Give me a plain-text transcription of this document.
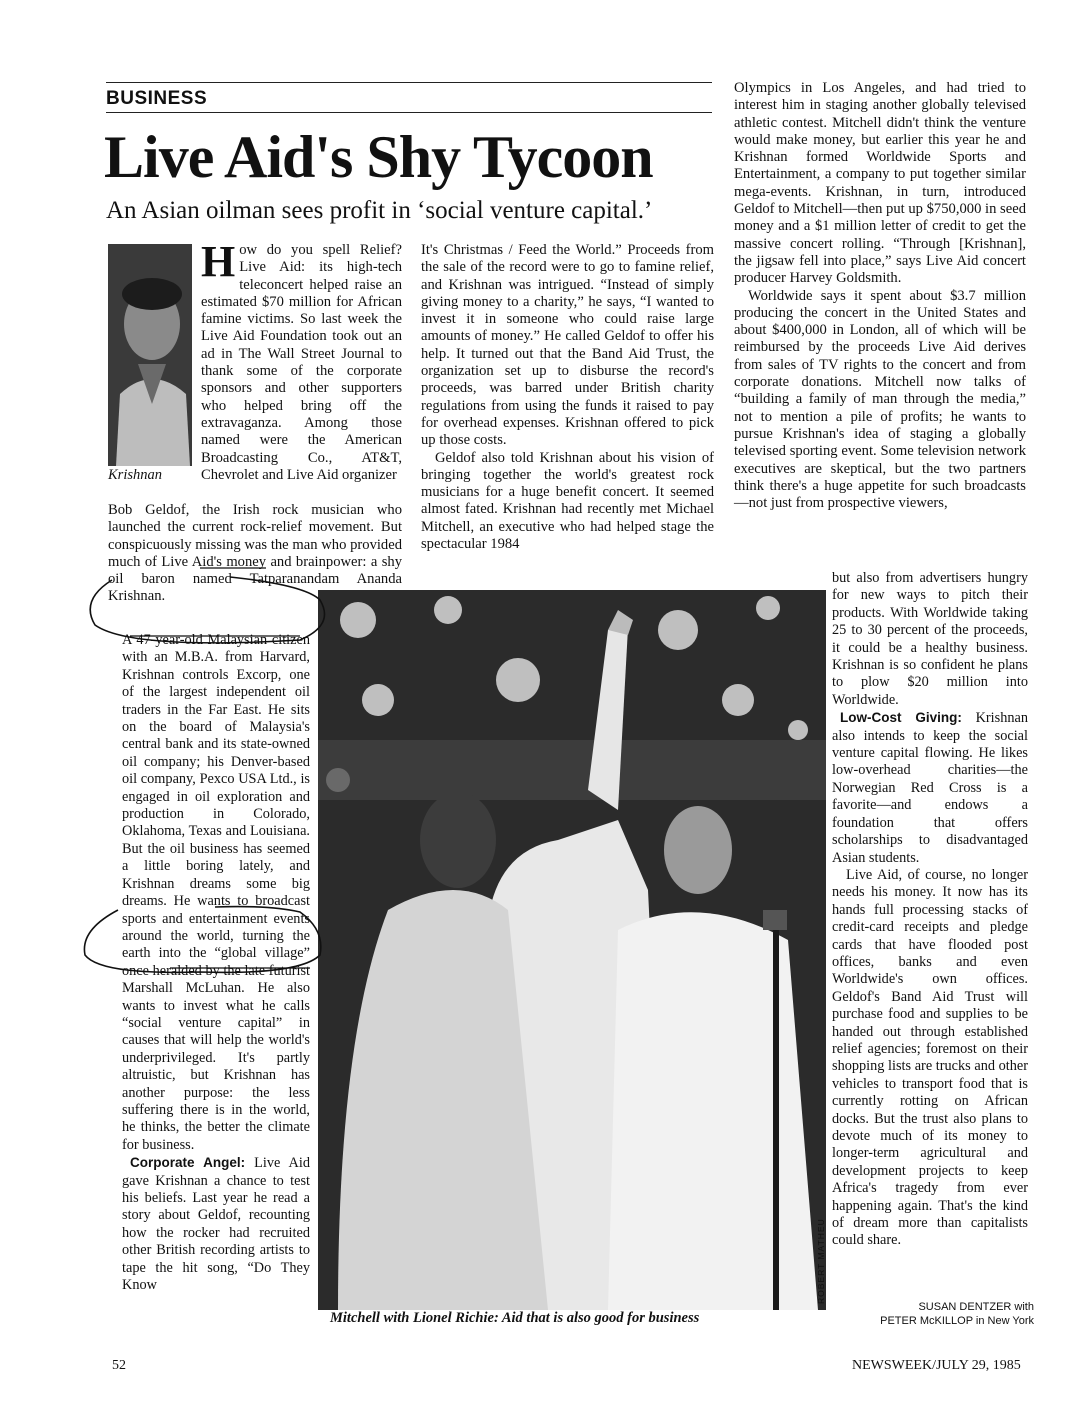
BUSINESS
Live Aid's Shy Tycoon
An Asian oilman sees profit in ‘social venture capital.’
Krishnan

How do you spell Relief? Live Aid: its high-tech teleconcert helped raise an estimated $70 million for African famine victims. So last week the Live Aid Foundation took out an ad in The Wall Street Journal to thank some of the corporate sponsors and other supporters who helped bring off the extravaganza. Among those named were the American Broadcasting Co., AT&T, Chevrolet and Live Aid organizer

Bob Geldof, the Irish rock musician who launched the current rock-relief movement. But conspicuously missing was the man who provided much of Live Aid's money and brainpower: a shy oil baron named Tatparanandam Ananda Krishnan.

A 47-year-old Malaysian citizen with an M.B.A. from Harvard, Krishnan controls Excorp, one of the largest independent oil traders in the Far East. He sits on the board of Malaysia's central bank and its state-owned oil company; his Denver-based oil company, Pexco USA Ltd., is engaged in oil exploration and production in Colorado, Oklahoma, Texas and Louisiana. But the oil business has seemed a little boring lately, and Krishnan dreams some big dreams. He wants to broadcast sports and entertainment events around the world, turning the earth into the “global village” once heralded by the late futurist Marshall McLuhan. He also wants to invest what he calls “social venture capital” in causes that will help the world's underprivileged. It's partly altruistic, but Krishnan has another purpose: the less suffering there is in the world, he thinks, the better the climate for business.

Corporate Angel: Live Aid gave Krishnan a chance to test his beliefs. Last year he read a story about Geldof, recounting how the rocker had recruited other British recording artists to tape the hit song, “Do They Know

It's Christmas / Feed the World.” Proceeds from the sale of the record were to go to famine relief, and Krishnan was intrigued. “Instead of simply giving money to a charity,” he says, “I wanted to invest it in someone who could raise large amounts of money.” He called Geldof to offer his help. It turned out that the Band Aid Trust, the organization set up to disburse the record's proceeds, was barred under British charity regulations from using the funds it raised to pay for overhead expenses. Krishnan offered to pick up those costs.

Geldof also told Krishnan about his vision of bringing together the world's greatest rock musicians for a huge benefit concert. It seemed almost fated. Krishnan had recently met Michael Mitchell, an executive who had helped stage the spectacular 1984

Olympics in Los Angeles, and had tried to interest him in staging another globally televised athletic contest. Mitchell didn't think the venture would make money, but earlier this year he and Krishnan formed Worldwide Sports and Entertainment, a company to put together similar mega-events. Krishnan, in turn, introduced Geldof to Mitchell—then put up $750,000 in seed money and a $1 million letter of credit to get the massive concert rolling. “Through [Krishnan], the jigsaw fell into place,” says Live Aid concert producer Harvey Goldsmith.

Worldwide says it spent about $3.7 million producing the concert in the United States and about $400,000 in London, all of which will be reimbursed by the proceeds Live Aid derives from sales of TV rights to the concert and from corporate donations. Mitchell now talks of “building a family of man through the media,” not to mention a pile of profits; he wants to pursue Krishnan's idea of staging a globally televised sporting event. Some television network executives are skeptical, but the two partners think there's a huge appetite for such broadcasts—not just from prospective viewers,

but also from advertisers hungry for new ways to pitch their products. With Worldwide taking 25 to 30 percent of the proceeds, it could be a healthy business. Krishnan is so confident he plans to plow $20 million into Worldwide.

Low-Cost Giving: Krishnan also intends to keep the social venture capital flowing. He likes low-overhead charities—the Norwegian Red Cross is a favorite—and endows a foundation that offers scholarships to disadvantaged Asian students.

Live Aid, of course, no longer needs his money. It now has its hands full processing stacks of credit-card receipts and pledge cards that have flooded post offices, banks and even Worldwide's own offices. Geldof's Band Aid Trust will purchase food and supplies to be handed out through established relief agencies; foremost on their shopping lists are trucks and other vehicles to transport food that is currently rotting on African docks. But the trust also plans to devote much of its money to longer-term agricultural and development projects to keep Africa's tragedy from ever happening again. That's the kind of dream more than capitalists could share.

ROBERT MATHEU
Mitchell with Lionel Richie: Aid that is also good for business
SUSAN DENTZER with
PETER McKILLOP in New York
52	NEWSWEEK/JULY 29, 1985
